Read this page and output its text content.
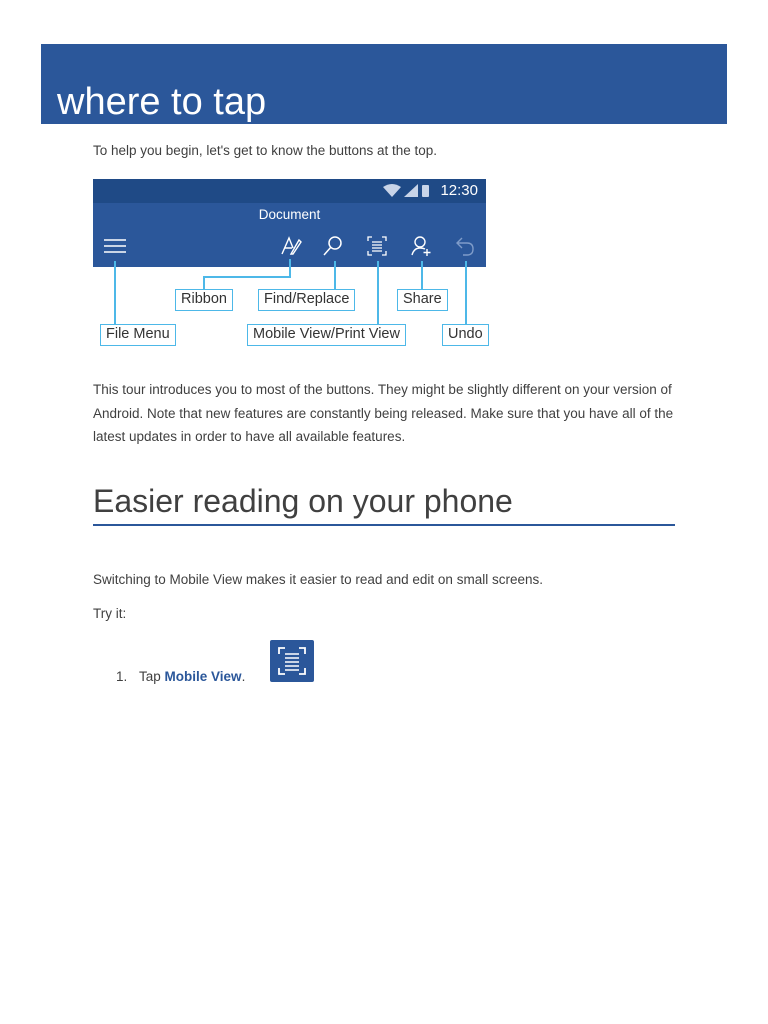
where to tap
To help you begin, let's get to know the buttons at the top.
12:30
Document
Ribbon	Find/Replace	Share
File Menu	Mobile View/Print View	Undo

This tour introduces you to most of the buttons. They might be slightly different on your version of Android. Note that new features are constantly being released. Make sure that you have all of the latest updates in order to have all available features.

Easier reading on your phone
Switching to Mobile View makes it easier to read and edit on small screens.
Try it:
1. Tap Mobile View.
